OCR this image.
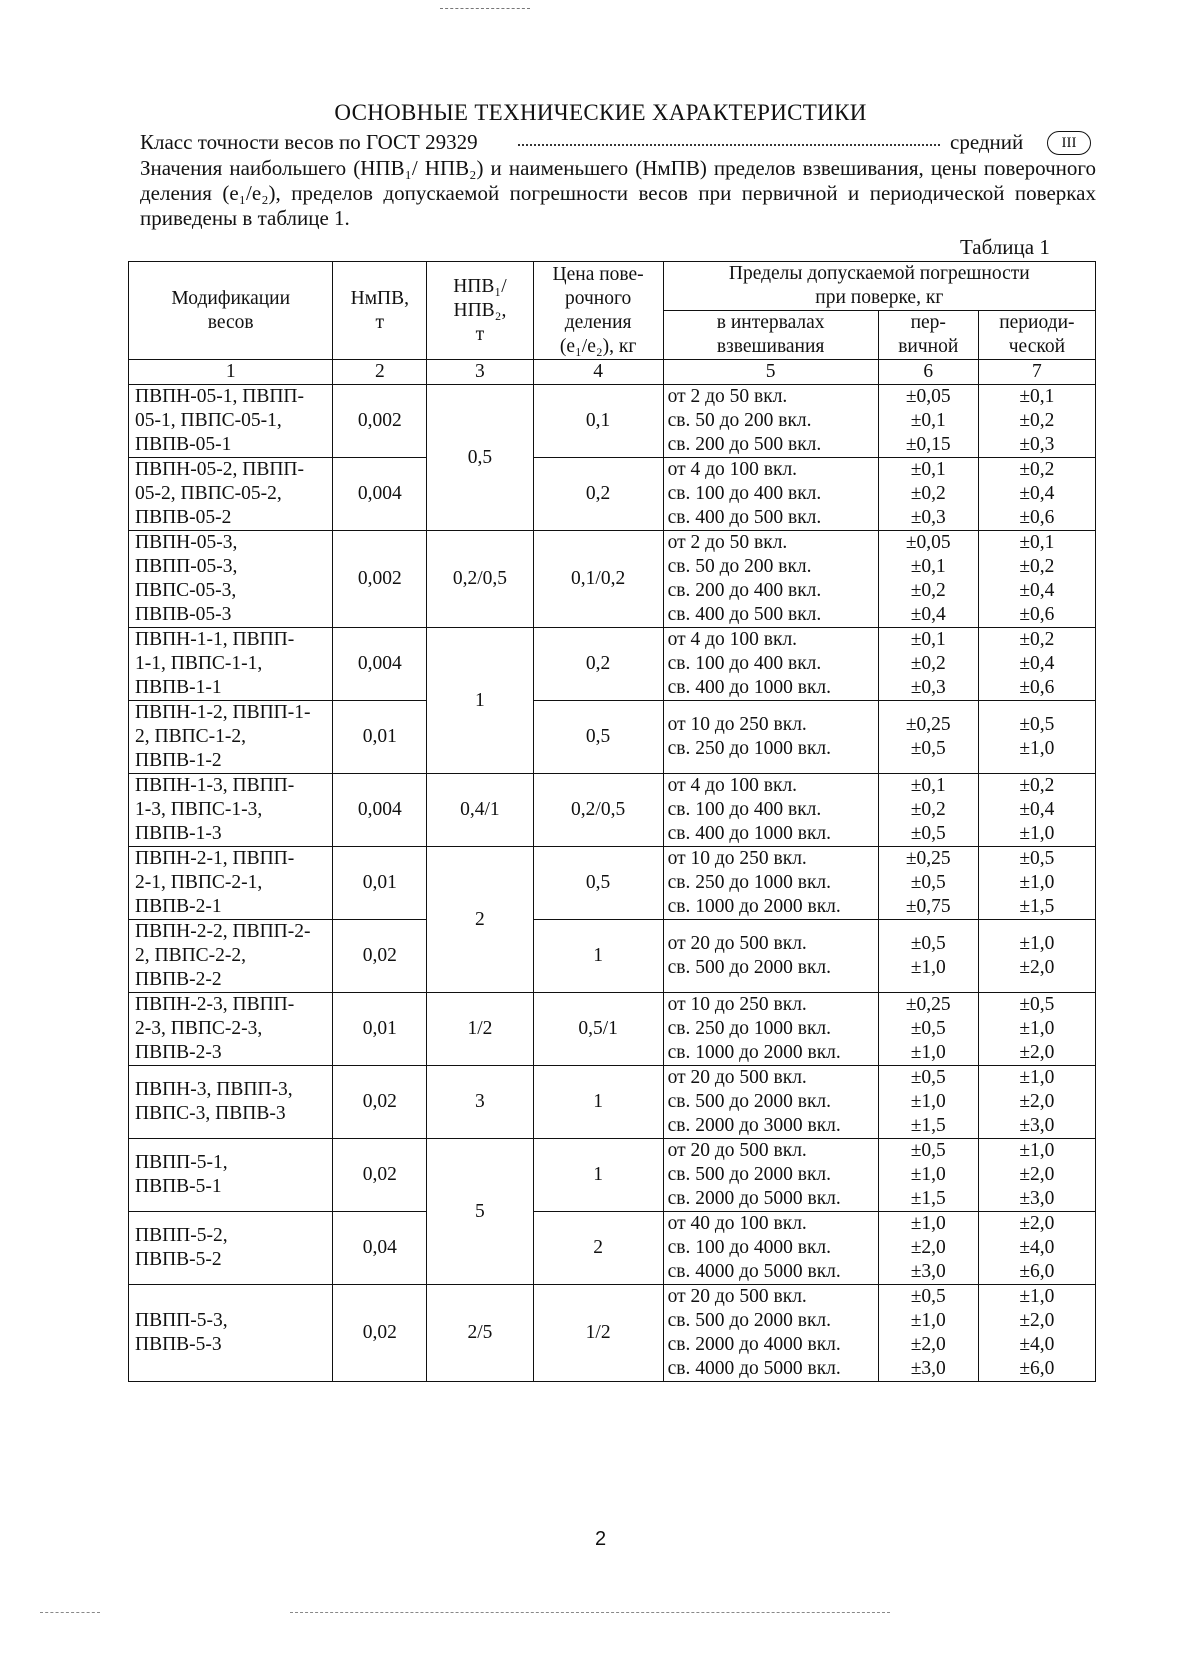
ОСНОВНЫЕ ТЕХНИЧЕСКИЕ ХАРАКТЕРИСТИКИ
Класс точности весов по ГОСТ 29329	средний	III
Значения наибольшего (НПВ₁/ НПВ₂) и наименьшего (НмПВ) пределов взвешивания, цены поверочного деления (e₁/e₂), пределов допускаемой погрешности весов при первичной и периодической поверках приведены в таблице 1.
Таблица 1
Модификации
весов	НмПВ,
т	НПВ₁/
НПВ₂,
т	Цена пове-
рочного
деления
(e₁/e₂), кг	Пределы допускаемой погрешности
при поверке, кг		

				в интервалах
взвешивания	пер-
вичной	периоди-
ческой

1	2	3	4	5	6	7

ПВПН-05-1, ПВПП-
05-1, ПВПС-05-1,
ПВПВ-05-1	0,002	0,5	0,1	от 2 до 50 вкл.
св. 50 до 200 вкл.
св. 200 до 500 вкл.	±0,05
±0,1
±0,15	±0,1
±0,2
±0,3

ПВПН-05-2, ПВПП-
05-2, ПВПС-05-2,
ПВПВ-05-2	0,004		0,2	от 4 до 100 вкл.
св. 100 до 400 вкл.
св. 400 до 500 вкл.	±0,1
±0,2
±0,3	±0,2
±0,4
±0,6

ПВПН-05-3,
ПВПП-05-3,
ПВПС-05-3,
ПВПВ-05-3	0,002	0,2/0,5	0,1/0,2	от 2 до 50 вкл.
св. 50 до 200 вкл.
св. 200 до 400 вкл.
св. 400 до 500 вкл.	±0,05
±0,1
±0,2
±0,4	±0,1
±0,2
±0,4
±0,6

ПВПН-1-1, ПВПП-
1-1, ПВПС-1-1,
ПВПВ-1-1	0,004	1	0,2	от 4 до 100 вкл.
св. 100 до 400 вкл.
св. 400 до 1000 вкл.	±0,1
±0,2
±0,3	±0,2
±0,4
±0,6

ПВПН-1-2, ПВПП-1-
2, ПВПС-1-2,
ПВПВ-1-2	0,01		0,5	от 10 до 250 вкл.
св. 250 до 1000 вкл.	±0,25
±0,5	±0,5
±1,0

ПВПН-1-3, ПВПП-
1-3, ПВПС-1-3,
ПВПВ-1-3	0,004	0,4/1	0,2/0,5	от 4 до 100 вкл.
св. 100 до 400 вкл.
св. 400 до 1000 вкл.	±0,1
±0,2
±0,5	±0,2
±0,4
±1,0

ПВПН-2-1, ПВПП-
2-1, ПВПС-2-1,
ПВПВ-2-1	0,01	2	0,5	от 10 до 250 вкл.
св. 250 до 1000 вкл.
св. 1000 до 2000 вкл.	±0,25
±0,5
±0,75	±0,5
±1,0
±1,5

ПВПН-2-2, ПВПП-2-
2, ПВПС-2-2,
ПВПВ-2-2	0,02		1	от 20 до 500 вкл.
св. 500 до 2000 вкл.	±0,5
±1,0	±1,0
±2,0

ПВПН-2-3, ПВПП-
2-3, ПВПС-2-3,
ПВПВ-2-3	0,01	1/2	0,5/1	от 10 до 250 вкл.
св. 250 до 1000 вкл.
св. 1000 до 2000 вкл.	±0,25
±0,5
±1,0	±0,5
±1,0
±2,0

ПВПН-3, ПВПП-3,
ПВПС-3, ПВПВ-3	0,02	3	1	от 20 до 500 вкл.
св. 500 до 2000 вкл.
св. 2000 до 3000 вкл.	±0,5
±1,0
±1,5	±1,0
±2,0
±3,0

ПВПП-5-1,
ПВПВ-5-1	0,02	5	1	от 20 до 500 вкл.
св. 500 до 2000 вкл.
св. 2000 до 5000 вкл.	±0,5
±1,0
±1,5	±1,0
±2,0
±3,0

ПВПП-5-2,
ПВПВ-5-2	0,04		2	от 40 до 100 вкл.
св. 100 до 4000 вкл.
св. 4000 до 5000 вкл.	±1,0
±2,0
±3,0	±2,0
±4,0
±6,0

ПВПП-5-3,
ПВПВ-5-3	0,02	2/5	1/2	от 20 до 500 вкл.
св. 500 до 2000 вкл.
св. 2000 до 4000 вкл.
св. 4000 до 5000 вкл.	±0,5
±1,0
±2,0
±3,0	±1,0
±2,0
±4,0
±6,0
2
